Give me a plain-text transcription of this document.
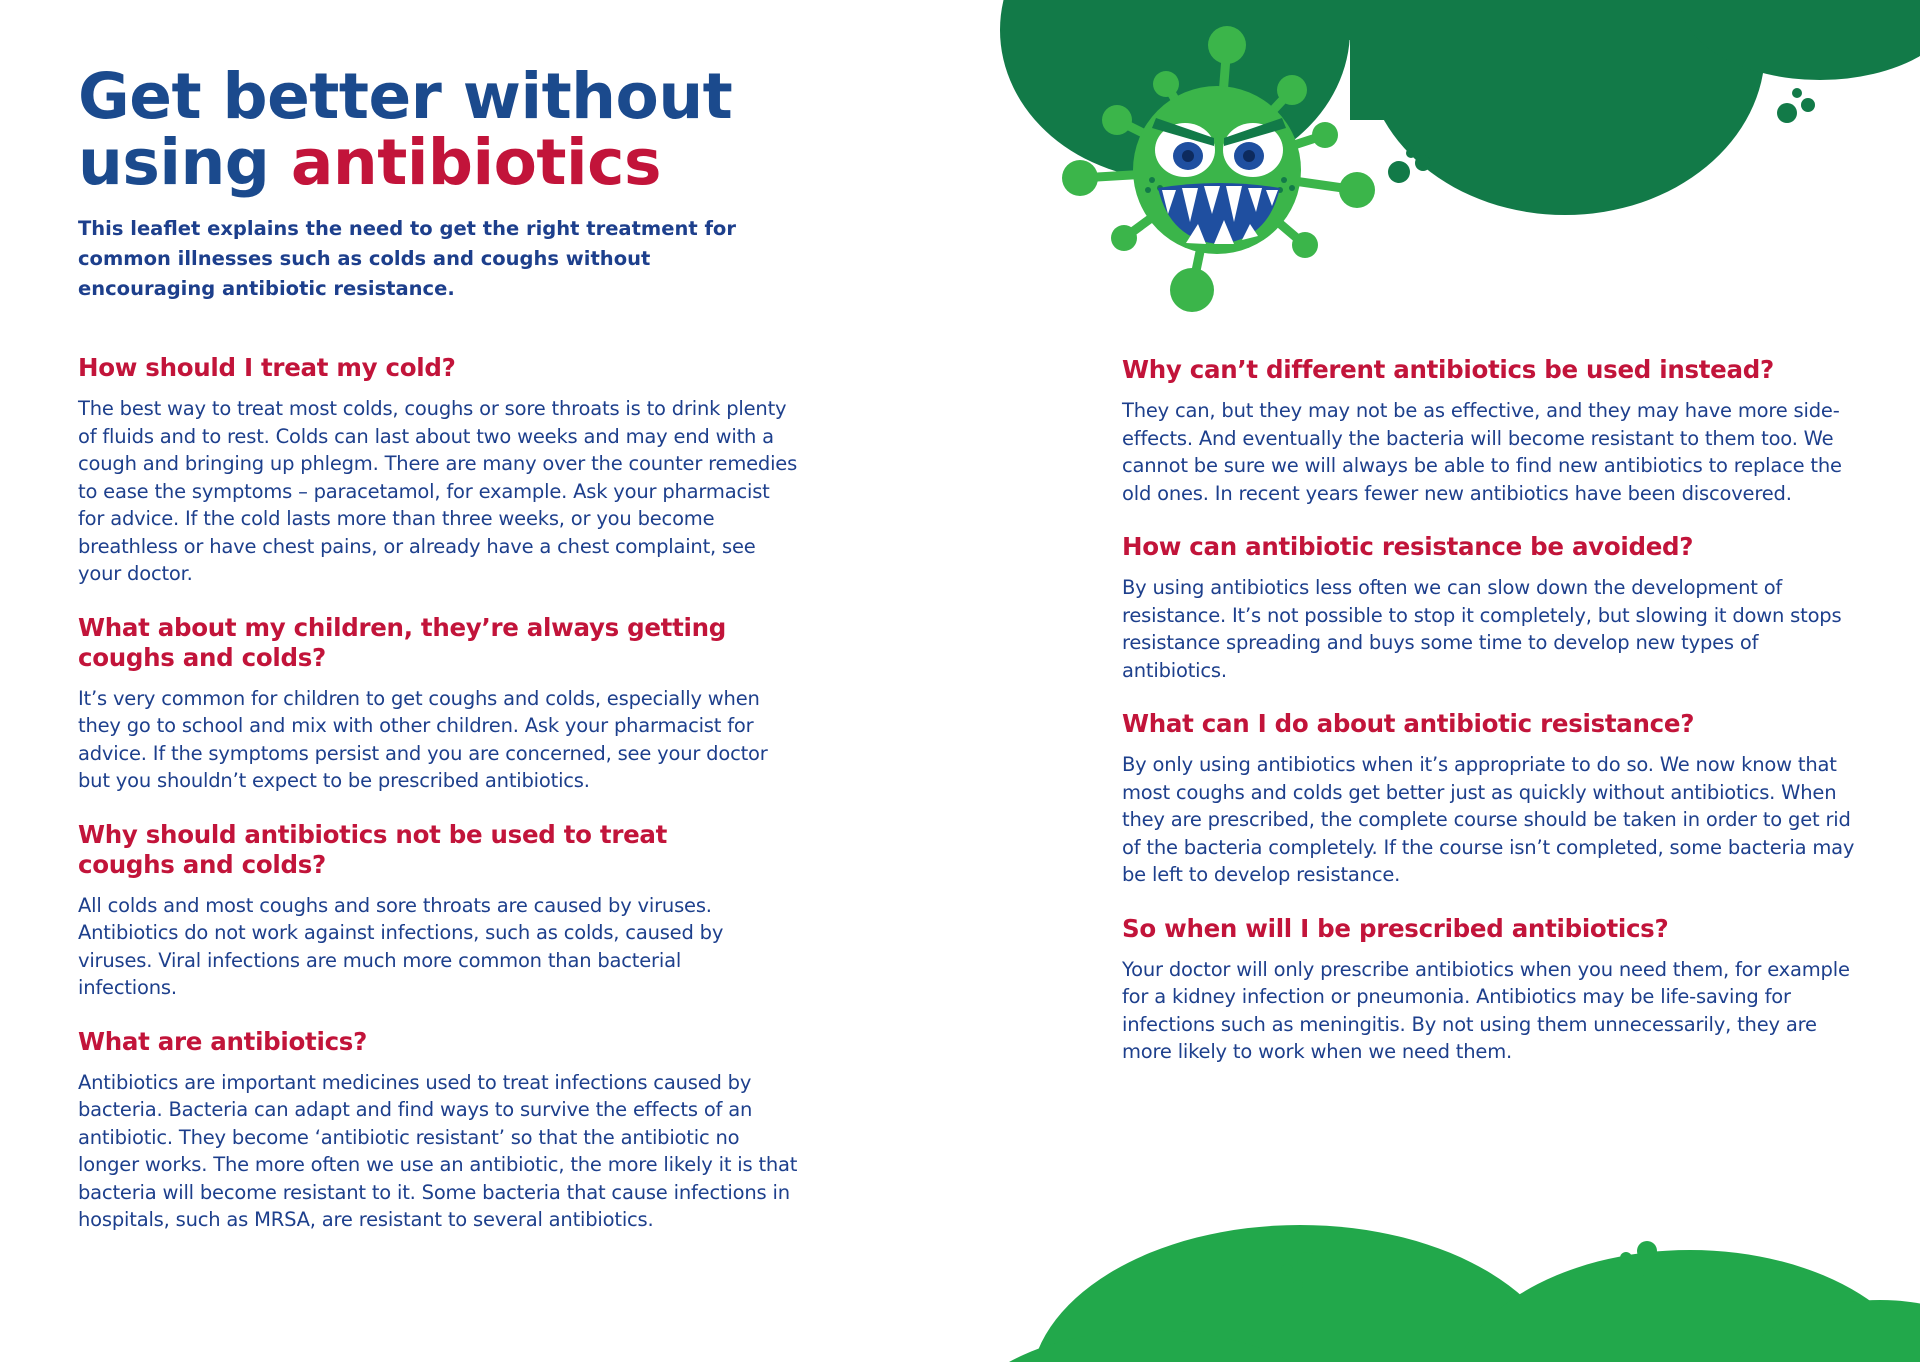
Get better without
using antibiotics

This leaflet explains the need to get the right treatment for common illnesses such as colds and coughs without encouraging antibiotic resistance.

How should I treat my cold?

The best way to treat most colds, coughs or sore throats is to drink plenty of fluids and to rest. Colds can last about two weeks and may end with a cough and bringing up phlegm. There are many over the counter remedies to ease the symptoms – paracetamol, for example. Ask your pharmacist for advice. If the cold lasts more than three weeks, or you become breathless or have chest pains, or already have a chest complaint, see your doctor.

What about my children, they’re always getting coughs and colds?

It’s very common for children to get coughs and colds, especially when they go to school and mix with other children. Ask your pharmacist for advice. If the symptoms persist and you are concerned, see your doctor but you shouldn’t expect to be prescribed antibiotics.

Why should antibiotics not be used to treat coughs and colds?

All colds and most coughs and sore throats are caused by viruses. Antibiotics do not work against infections, such as colds, caused by viruses. Viral infections are much more common than bacterial infections.

What are antibiotics?

Antibiotics are important medicines used to treat infections caused by bacteria. Bacteria can adapt and find ways to survive the effects of an antibiotic. They become ‘antibiotic resistant’ so that the antibiotic no longer works. The more often we use an antibiotic, the more likely it is that bacteria will become resistant to it. Some bacteria that cause infections in hospitals, such as MRSA, are resistant to several antibiotics.

Why can’t different antibiotics be used instead?

They can, but they may not be as effective, and they may have more side-effects. And eventually the bacteria will become resistant to them too. We cannot be sure we will always be able to find new antibiotics to replace the old ones. In recent years fewer new antibiotics have been discovered.

How can antibiotic resistance be avoided?

By using antibiotics less often we can slow down the development of resistance. It’s not possible to stop it completely, but slowing it down stops resistance spreading and buys some time to develop new types of antibiotics.

What can I do about antibiotic resistance?

By only using antibiotics when it’s appropriate to do so. We now know that most coughs and colds get better just as quickly without antibiotics. When they are prescribed, the complete course should be taken in order to get rid of the bacteria completely. If the course isn’t completed, some bacteria may be left to develop resistance.

So when will I be prescribed antibiotics?

Your doctor will only prescribe antibiotics when you need them, for example for a kidney infection or pneumonia. Antibiotics may be life-saving for infections such as meningitis. By not using them unnecessarily, they are more likely to work when we need them.
